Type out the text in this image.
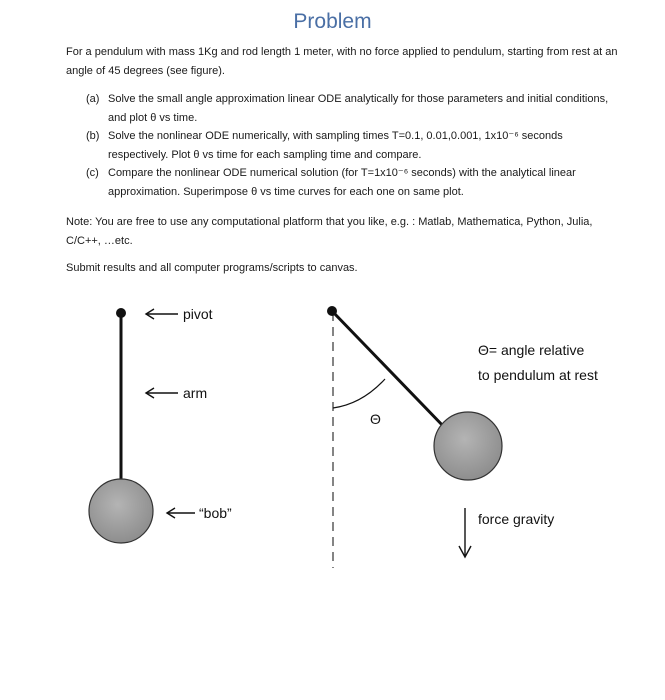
Problem
For a pendulum with mass 1Kg and rod length 1 meter, with no force applied to pendulum, starting from rest at an angle of 45 degrees (see figure).
(a) Solve the small angle approximation linear ODE analytically for those parameters and initial conditions, and plot θ vs time.
(b) Solve the nonlinear ODE numerically, with sampling times T=0.1, 0.01,0.001, 1x10⁻⁶ seconds respectively. Plot θ vs time for each sampling time and compare.
(c) Compare the nonlinear ODE numerical solution (for T=1x10⁻⁶ seconds) with the analytical linear approximation. Superimpose θ vs time curves for each one on same plot.
Note: You are free to use any computational platform that you like, e.g. : Matlab, Mathematica, Python, Julia, C/C++, …etc.
Submit results and all computer programs/scripts to canvas.
pivot
arm
“bob”
Θ
Θ= angle relative
to pendulum at rest
force gravity
